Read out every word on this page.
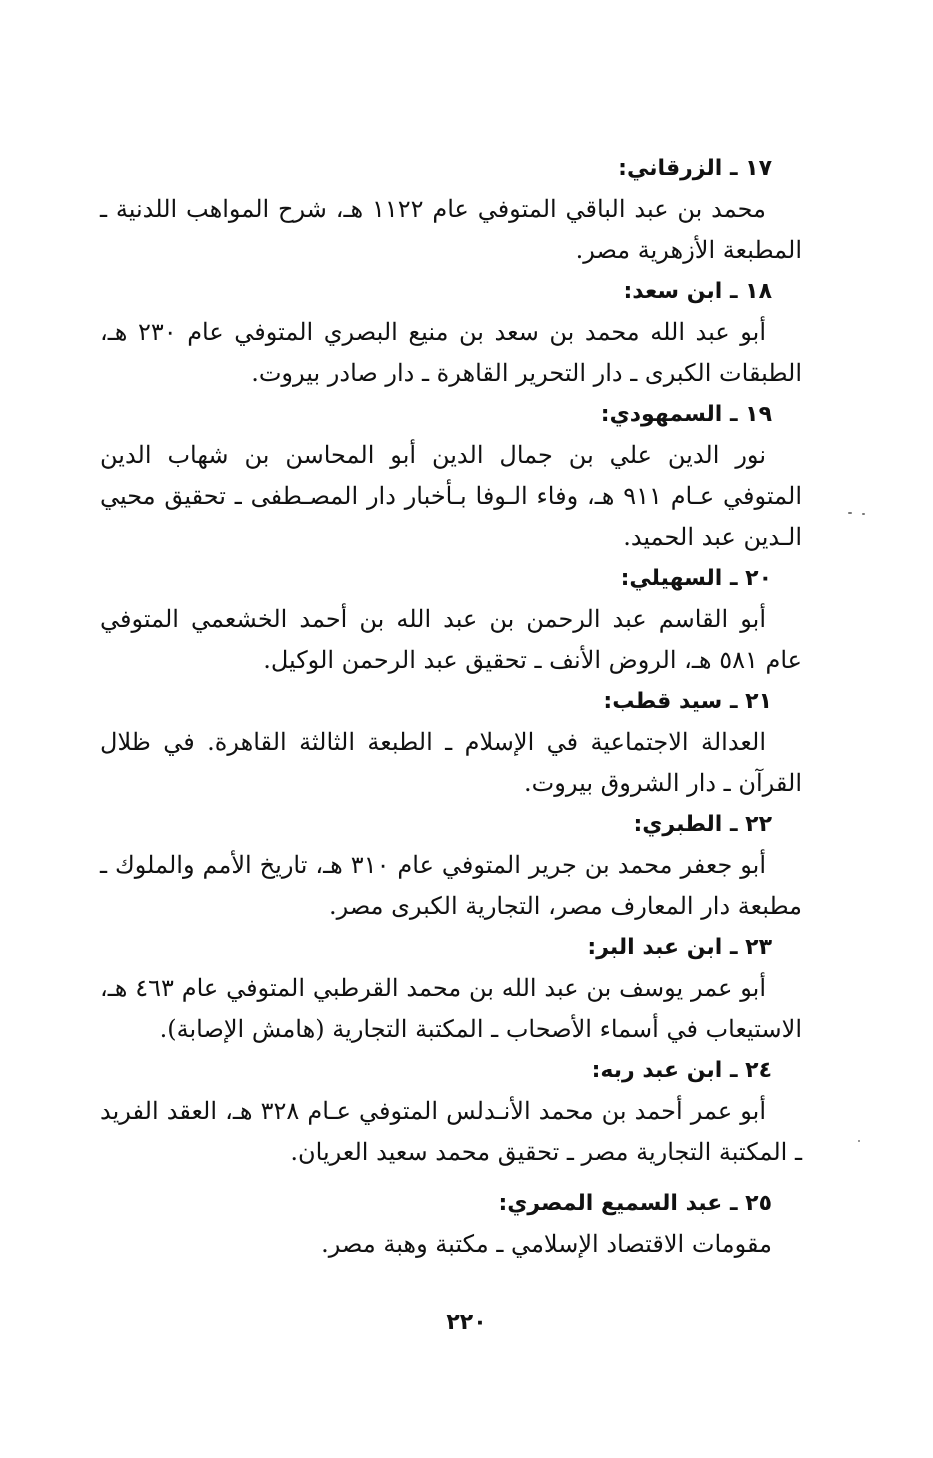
١٧ ـ الزرقاني:

محمد بن عبد الباقي المتوفي عام ١١٢٢ هـ، شرح المواهب اللدنية ـ المطبعة الأزهرية مصر.

١٨ ـ ابن سعد:

أبو عبد الله محمد بن سعد بن منيع البصري المتوفي عام ٢٣٠ هـ، الطبقات الكبرى ـ دار التحرير القاهرة ـ دار صادر بيروت.

١٩ ـ السمهودي:

نور الدين علي بن جمال الدين أبو المحاسن بن شهاب الدين المتوفي عـام ٩١١ هـ، وفاء الـوفا بـأخبار دار المصـطفى ـ تحقيق محيي الـدين عبد الحميد.

٢٠ ـ السهيلي:

أبو القاسم عبد الرحمن بن عبد الله بن أحمد الخشعمي المتوفي عام ٥٨١ هـ، الروض الأنف ـ تحقيق عبد الرحمن الوكيل.

٢١ ـ سيد قطب:

العدالة الاجتماعية في الإسلام ـ الطبعة الثالثة القاهرة. في ظلال القرآن ـ دار الشروق بيروت.

٢٢ ـ الطبري:

أبو جعفر محمد بن جرير المتوفي عام ٣١٠ هـ، تاريخ الأمم والملوك ـ مطبعة دار المعارف مصر، التجارية الكبرى مصر.

٢٣ ـ ابن عبد البر:

أبو عمر يوسف بن عبد الله بن محمد القرطبي المتوفي عام ٤٦٣ هـ، الاستيعاب في أسماء الأصحاب ـ المكتبة التجارية (هامش الإصابة).

٢٤ ـ ابن عبد ربه:

أبو عمر أحمد بن محمد الأنـدلس المتوفي عـام ٣٢٨ هـ، العقد الفريد ـ المكتبة التجارية مصر ـ تحقيق محمد سعيد العريان.

٢٥ ـ عبد السميع المصري:

مقومات الاقتصاد الإسلامي ـ مكتبة وهبة مصر.

٢٢٠
